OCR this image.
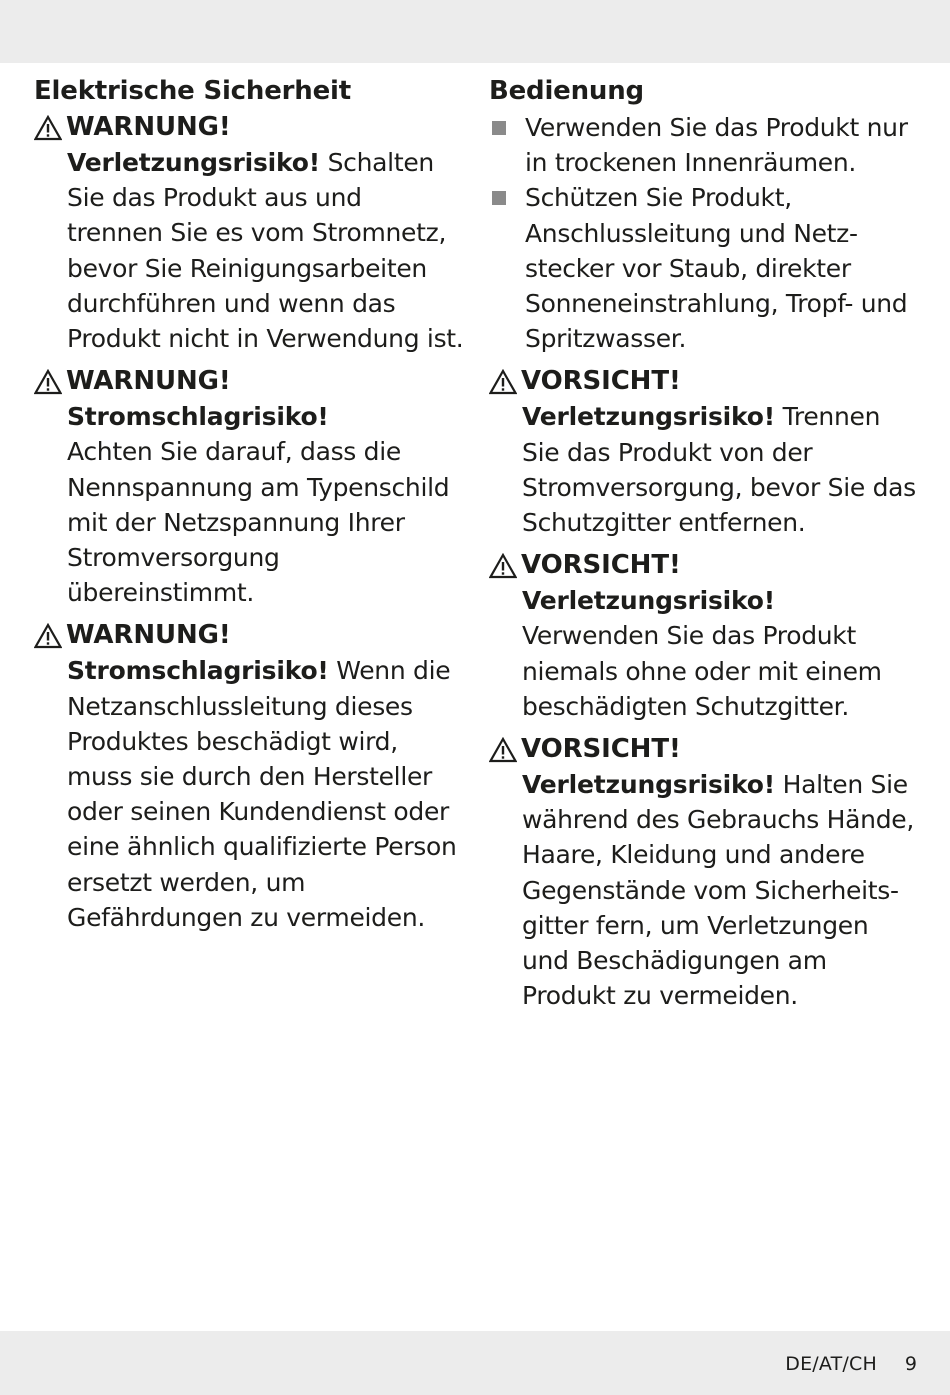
Elektrische Sicherheit
WARNUNG!
Verletzungsrisiko! Schalten Sie das Produkt aus und trennen Sie es vom Stromnetz, bevor Sie Reinigungsarbeiten durchführen und wenn das Produkt nicht in Verwendung ist.
WARNUNG!
Stromschlagrisiko!
Achten Sie darauf, dass die Nennspannung am Typenschild mit der Netzspannung Ihrer Stromversorgung übereinstimmt.
WARNUNG!
Stromschlagrisiko! Wenn die Netzanschlussleitung dieses Produktes beschädigt wird, muss sie durch den Hersteller oder seinen Kundendienst oder eine ähnlich qualifizierte Person ersetzt werden, um Gefährdungen zu vermeiden.
Bedienung
Verwenden Sie das Produkt nur in trockenen Innenräumen.
Schützen Sie Produkt, Anschlussleitung und Netz-stecker vor Staub, direkter Sonneneinstrahlung, Tropf- und Spritzwasser.
VORSICHT!
Verletzungsrisiko! Trennen Sie das Produkt von der Stromversorgung, bevor Sie das Schutzgitter entfernen.
VORSICHT!
Verletzungsrisiko!
Verwenden Sie das Produkt niemals ohne oder mit einem beschädigten Schutzgitter.
VORSICHT!
Verletzungsrisiko! Halten Sie während des Gebrauchs Hände, Haare, Kleidung und andere Gegenstände vom Sicherheits-gitter fern, um Verletzungen und Beschädigungen am Produkt zu vermeiden.
DE/AT/CH 9
